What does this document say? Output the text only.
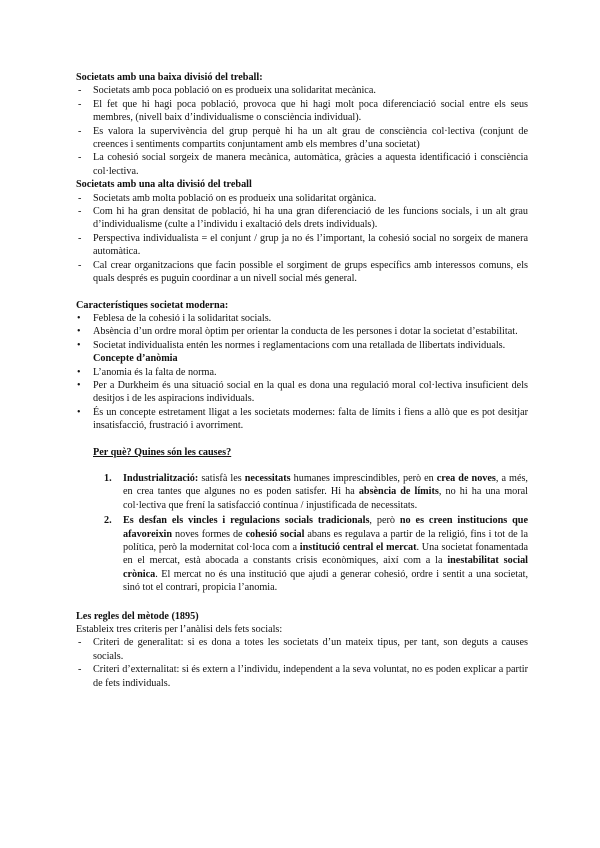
Societats amb una baixa divisió del treball:

- Societats amb poca població on es produeix una solidaritat mecànica.
- El fet que hi hagi poca població, provoca que hi hagi molt poca diferenciació social entre els seus membres, (nivell baix d’individualisme o consciència individual).
- Es valora la supervivència del grup perquè hi ha un alt grau de consciència col·lectiva (conjunt de creences i sentiments compartits conjuntament amb els membres d’una societat)
- La cohesió social sorgeix de manera mecànica, automàtica, gràcies a aquesta identificació i consciència col·lectiva.

Societats amb una alta divisió del treball

- Societats amb molta població on es produeix una solidaritat orgànica.
- Com hi ha gran densitat de població, hi ha una gran diferenciació de les funcions socials, i un alt grau d’individualisme (culte a l’individu i exaltació dels drets individuals).
- Perspectiva individualista = el conjunt / grup ja no és l’important, la cohesió social no sorgeix de manera automàtica.
- Cal crear organitzacions que facin possible el sorgiment de grups específics amb interessos comuns, els quals després es puguin coordinar a un nivell social més general.

Característiques societat moderna:

• Feblesa de la cohesió i la solidaritat socials.
• Absència d’un ordre moral òptim per orientar la conducta de les persones i dotar la societat d’estabilitat.
• Societat individualista entén les normes i reglamentacions com una retallada de llibertats individuals.

Concepte d’anòmia

• L’anomia és la falta de norma.
• Per a Durkheim és una situació social en la qual es dona una regulació moral col·lectiva insuficient dels desitjos i de les aspiracions individuals.
• És un concepte estretament lligat a les societats modernes: falta de límits i fiens a allò que es pot desitjar insatisfacció, frustració i avorriment.

Per què? Quines són les causes?

1. Industrialització: satisfà les necessitats humanes imprescindibles, però en crea de noves, a més, en crea tantes que algunes no es poden satisfer. Hi ha absència de límits, no hi ha una moral col·lectiva que frení la satisfacció contínua / injustificada de necessitats.
2. Es desfan els vincles i regulacions socials tradicionals, però no es creen institucions que afavoreixin noves formes de cohesió social abans es regulava a partir de la religió, fins i tot de la política, però la modernitat col·loca com a institució central el mercat. Una societat fonamentada en el mercat, està abocada a constants crisis econòmiques, així com a la inestabilitat social crònica. El mercat no és una institució que ajudi a generar cohesió, ordre i sentit a una societat, sinó tot el contrari, propicia l’anomia.

Les regles del mètode (1895)

Estableix tres criteris per l’anàlisi dels fets socials:

- Criteri de generalitat: si es dona a totes les societats d’un mateix tipus, per tant, son deguts a causes socials.
- Criteri d’externalitat: si és extern a l’individu, independent a la seva voluntat, no es poden explicar a partir de fets individuals.
